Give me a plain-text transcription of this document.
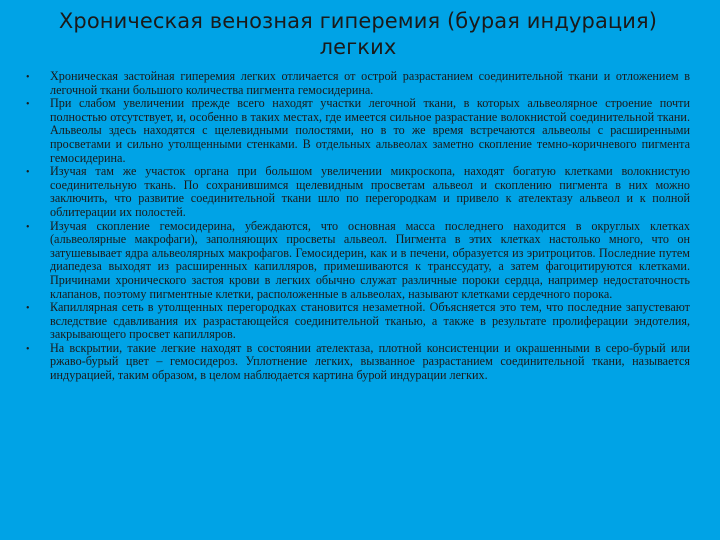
Хроническая венозная гиперемия (бурая индурация) легких
•	Хроническая застойная гиперемия легких отличается от острой разрастанием соединительной ткани и отложением в легочной ткани большого количества пигмента гемосидерина.

•	При слабом увеличении прежде всего находят участки легочной ткани, в которых альвеолярное строение почти полностью отсутствует, и, особенно в таких местах, где имеется сильное разрастание волокнистой соединительной ткани. Альвеолы здесь находятся с щелевидными полостями, но в то же время встречаются альвеолы с расширенными просветами и сильно утолщенными стенками. В отдельных альвеолах заметно скопление темно-коричневого пигмента гемосидерина.

•	Изучая там же участок органа при большом увеличении микроскопа, находят богатую клетками волокнистую соединительную ткань. По сохранившимся щелевидным просветам альвеол и скоплению пигмента в них можно заключить, что развитие соединительной ткани шло по перегородкам и привело к ателектазу альвеол и к полной облитерации их полостей.

•	Изучая скопление гемосидерина, убеждаются, что основная масса последнего находится в округлых клетках (альвеолярные макрофаги), заполняющих просветы альвеол. Пигмента в этих клетках настолько много, что он затушевывает ядра альвеолярных макрофагов. Гемосидерин, как и в печени, образуется из эритроцитов. Последние путем диапедеза выходят из расширенных капилляров, примешиваются к транссудату, а затем фагоцитируются клетками. Причинами хронического застоя крови в легких обычно служат различные пороки сердца, например недостаточность клапанов, поэтому пигментные клетки, расположенные в альвеолах, называют клетками сердечного порока.

•	Капиллярная сеть в утолщенных перегородках становится незаметной. Объясняется это тем, что последние запустевают вследствие сдавливания их разрастающейся соединительной тканью, а также в результате пролиферации эндотелия, закрывающего просвет капилляров.

•	На вскрытии, такие легкие находят в состоянии ателектаза, плотной консистенции и окрашенными в серо-бурый или ржаво-бурый цвет – гемосидероз. Уплотнение легких, вызванное разрастанием соединительной ткани, называется индурацией, таким образом, в целом наблюдается картина бурой индурации легких.
